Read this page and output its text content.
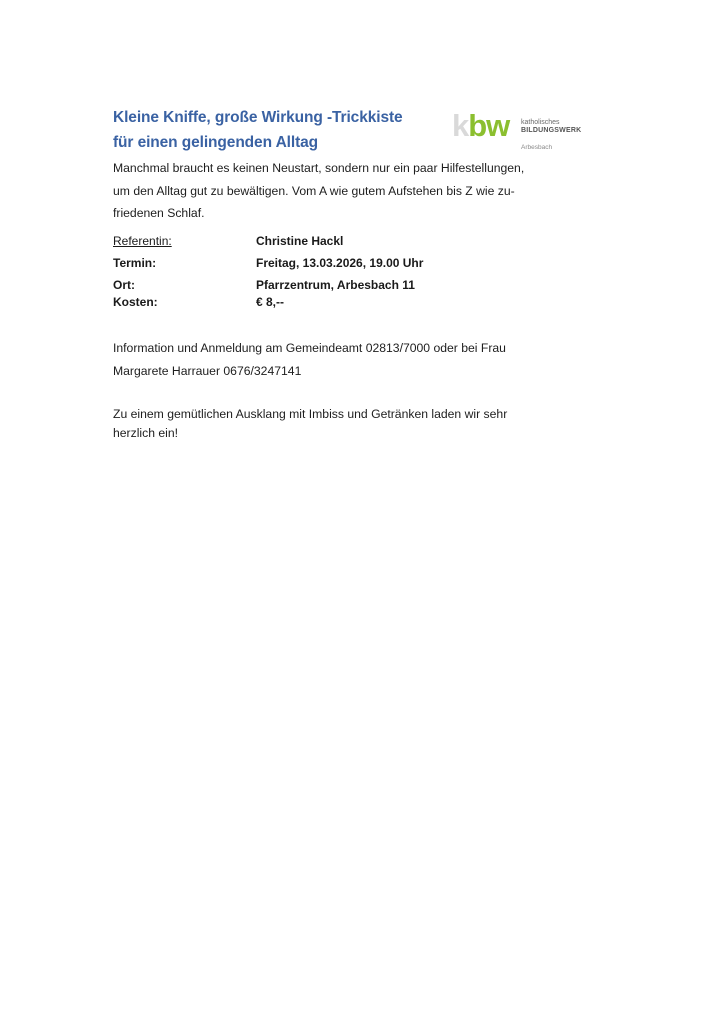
Kleine Kniffe, große Wirkung -Trickkiste
für einen gelingenden Alltag	kbw katholisches
BILDUNGSWERK
Arbesbach
Manchmal braucht es keinen Neustart, sondern nur ein paar Hilfestellungen,
um den Alltag gut zu bewältigen. Vom A wie gutem Aufstehen bis Z wie zu-
friedenen Schlaf.
Referentin:	Christine Hackl
Termin:	Freitag, 13.03.2026, 19.00 Uhr
Ort:	Pfarrzentrum, Arbesbach 11
Kosten:	€ 8,--
Information und Anmeldung am Gemeindeamt 02813/7000 oder bei Frau
Margarete Harrauer 0676/3247141
Zu einem gemütlichen Ausklang mit Imbiss und Getränken laden wir sehr
herzlich ein!
